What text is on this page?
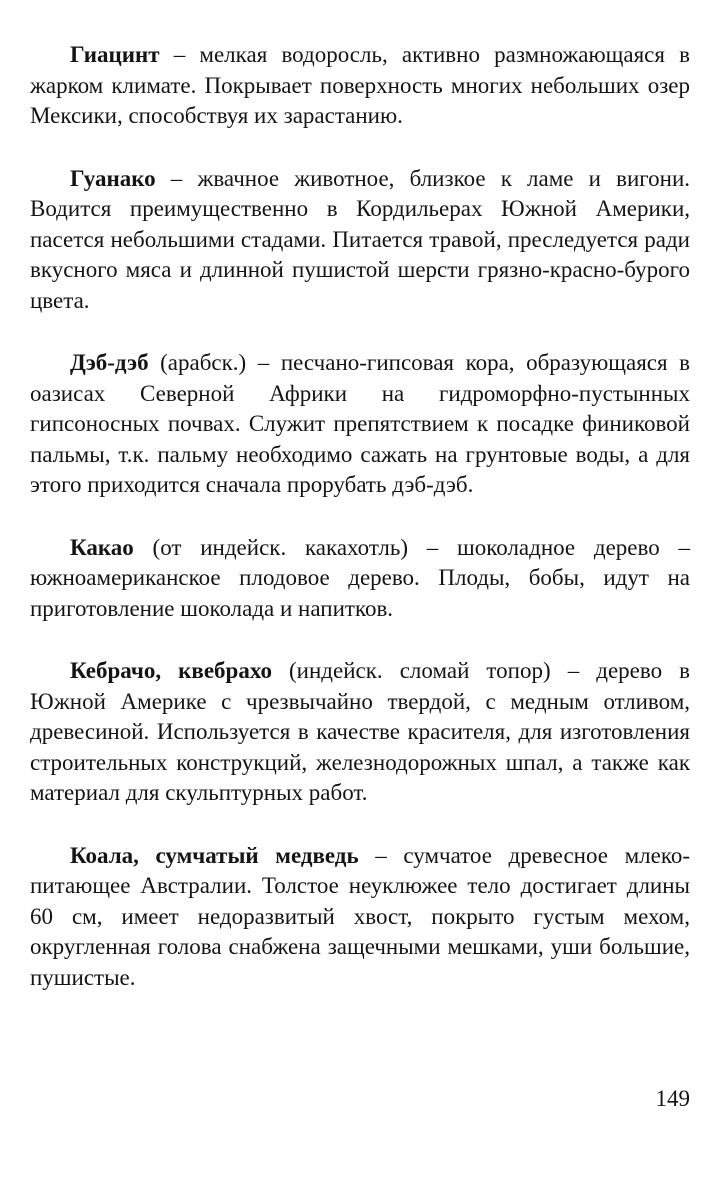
Гиацинт – мелкая водоросль, активно размножающаяся в жарком климате. Покрывает поверхность многих небольших озер Мексики, способствуя их зарастанию.

Гуанако – жвачное животное, близкое к ламе и вигони. Водится преимущественно в Кордильерах Южной Америки, пасется небольшими стадами. Питается травой, преследуется ради вкусного мяса и длинной пушистой шерсти грязно-красно-бурого цвета.

Дэб-дэб (арабск.) – песчано-гипсовая кора, образующаяся в оазисах Северной Африки на гидроморфно-пустынных гипсоносных почвах. Служит препятствием к посадке финиковой пальмы, т.к. пальму необходимо сажать на грунтовые воды, а для этого приходится сначала прорубать дэб-дэб.

Какао (от индейск. какахотль) – шоколадное дерево – южноамериканское плодовое дерево. Плоды, бобы, идут на приготовление шоколада и напитков.

Кебрачо, квебрахо (индейск. сломай топор) – дерево в Южной Америке с чрезвычайно твердой, с медным отливом, древесиной. Используется в качестве красителя, для изготовления строительных конструкций, железнодорожных шпал, а также как материал для скульптурных работ.

Коала, сумчатый медведь – сумчатое древесное млекопитающее Австралии. Толстое неуклюжее тело достигает длины 60 см, имеет недоразвитый хвост, покрыто густым мехом, округленная голова снабжена защечными мешками, уши большие, пушистые.

149
